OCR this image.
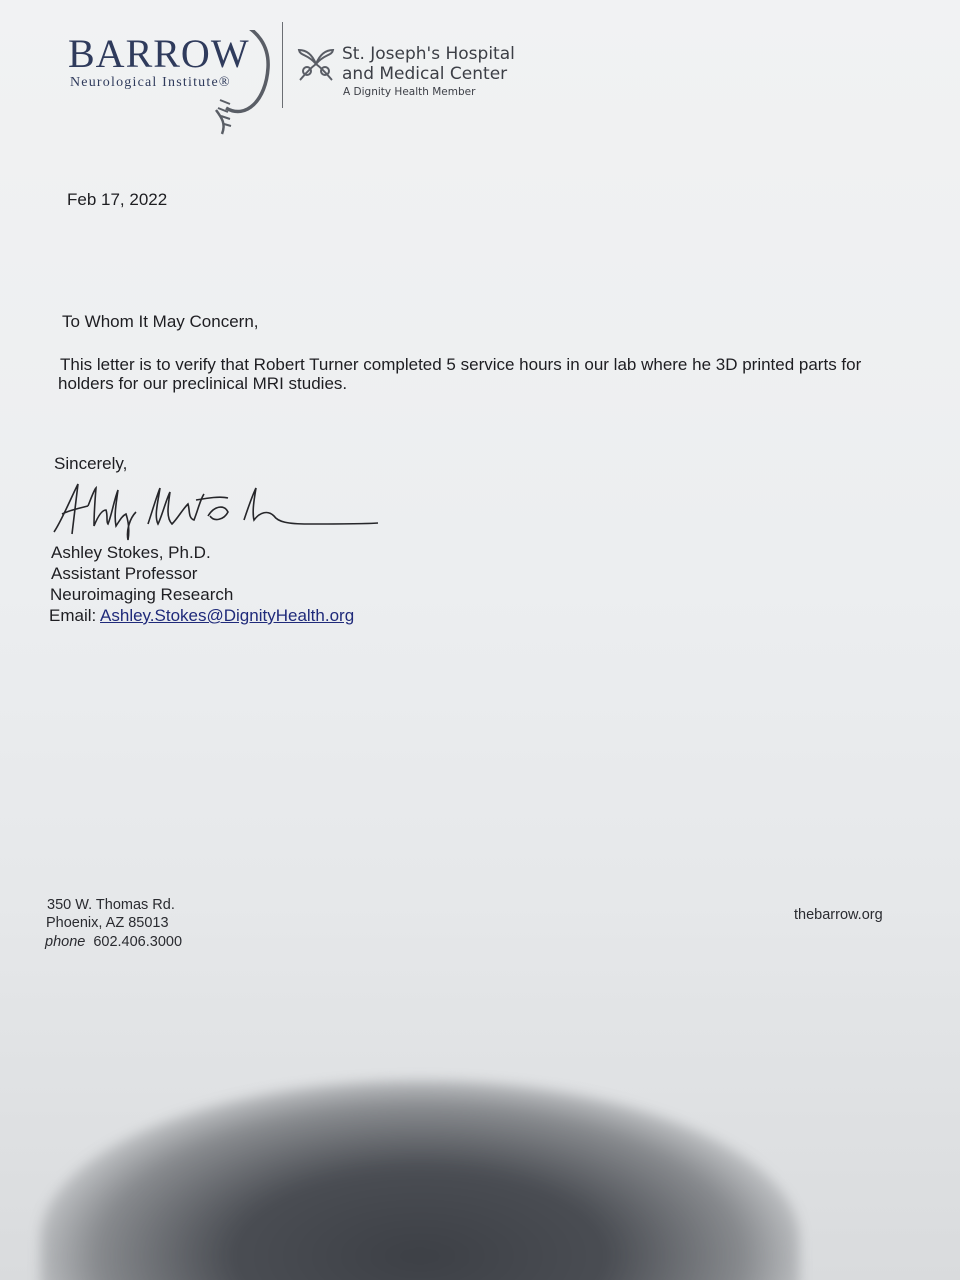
BARROW
Neurological Institute®
St. Joseph's Hospital
and Medical Center
A Dignity Health Member
Feb 17, 2022
To Whom It May Concern,
This letter is to verify that Robert Turner completed 5 service hours in our lab where he 3D printed parts for
holders for our preclinical MRI studies.
Sincerely,
Ashley Stokes, Ph.D.
Assistant Professor
Neuroimaging Research
Email: Ashley.Stokes@DignityHealth.org
350 W. Thomas Rd.
Phoenix, AZ 85013
phone 602.406.3000
thebarrow.org
